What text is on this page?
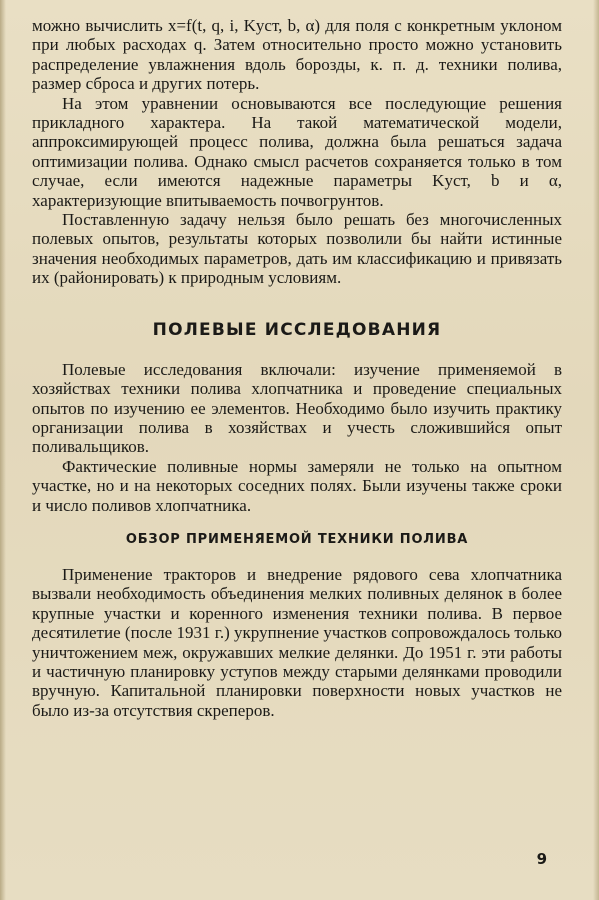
можно вычислить x=f(t, q, i, Kуст, b, α) для поля с конкретным уклоном при любых расходах q. Затем относительно просто можно установить распределение увлажнения вдоль борозды, к. п. д. техники полива, размер сброса и других потерь.

На этом уравнении основываются все последующие решения прикладного характера. На такой математической модели, аппроксимирующей процесс полива, должна была решаться задача оптимизации полива. Однако смысл расчетов сохраняется только в том случае, если имеются надежные параметры Kуст, b и α, характеризующие впитываемость почвогрунтов.

Поставленную задачу нельзя было решать без многочисленных полевых опытов, результаты которых позволили бы найти истинные значения необходимых параметров, дать им классификацию и привязать их (районировать) к природным условиям.

ПОЛЕВЫЕ ИССЛЕДОВАНИЯ

Полевые исследования включали: изучение применяемой в хозяйствах техники полива хлопчатника и проведение специальных опытов по изучению ее элементов. Необходимо было изучить практику организации полива в хозяйствах и учесть сложившийся опыт поливальщиков.

Фактические поливные нормы замеряли не только на опытном участке, но и на некоторых соседних полях. Были изучены также сроки и число поливов хлопчатника.

ОБЗОР ПРИМЕНЯЕМОЙ ТЕХНИКИ ПОЛИВА

Применение тракторов и внедрение рядового сева хлопчатника вызвали необходимость объединения мелких поливных делянок в более крупные участки и коренного изменения техники полива. В первое десятилетие (после 1931 г.) укрупнение участков сопровождалось только уничтожением меж, окружавших мелкие делянки. До 1951 г. эти работы и частичную планировку уступов между старыми делянками проводили вручную. Капитальной планировки поверхности новых участков не было из-за отсутствия скреперов.

9
